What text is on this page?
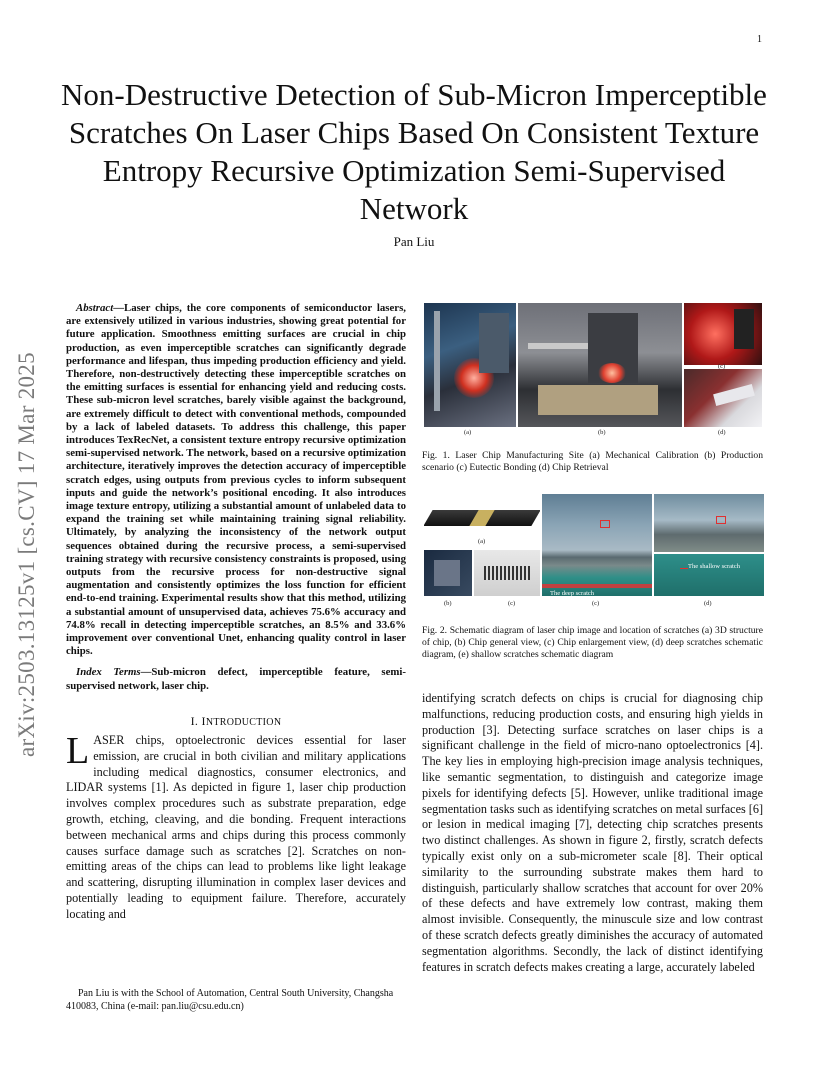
1
arXiv:2503.13125v1 [cs.CV] 17 Mar 2025
Non-Destructive Detection of Sub-Micron Imperceptible Scratches On Laser Chips Based On Consistent Texture Entropy Recursive Optimization Semi-Supervised Network
Pan Liu

Abstract—Laser chips, the core components of semiconductor lasers, are extensively utilized in various industries, showing great potential for future application. Smoothness emitting surfaces are crucial in chip production, as even imperceptible scratches can significantly degrade performance and lifespan, thus impeding production efficiency and yield. Therefore, non-destructively detecting these imperceptible scratches on the emitting surfaces is essential for enhancing yield and reducing costs. These sub-micron level scratches, barely visible against the background, are extremely difficult to detect with conventional methods, compounded by a lack of labeled datasets. To address this challenge, this paper introduces TexRecNet, a consistent texture entropy recursive optimization semi-supervised network. The network, based on a recursive optimization architecture, iteratively improves the detection accuracy of imperceptible scratch edges, using outputs from previous cycles to inform subsequent inputs and guide the network’s positional encoding. It also introduces image texture entropy, utilizing a substantial amount of unlabeled data to expand the training set while maintaining training signal reliability. Ultimately, by analyzing the inconsistency of the network output sequences obtained during the recursive process, a semi-supervised training strategy with recursive consistency constraints is proposed, using outputs from the recursive process for non-destructive signal augmentation and consistently optimizes the loss function for efficient end-to-end training. Experimental results show that this method, utilizing a substantial amount of unsupervised data, achieves 75.6% accuracy and 74.8% recall in detecting imperceptible scratches, an 8.5% and 33.6% improvement over conventional Unet, enhancing quality control in laser chips.

Index Terms—Sub-micron defect, imperceptible feature, semi-supervised network, laser chip.

I. INTRODUCTION

LASER chips, optoelectronic devices essential for laser emission, are crucial in both civilian and military applications including medical diagnostics, consumer electronics, and LIDAR systems [1]. As depicted in figure 1, laser chip production involves complex procedures such as substrate preparation, edge growth, etching, cleaving, and die bonding. Frequent interactions between mechanical arms and chips during this process commonly causes surface damage such as scratches [2]. Scratches on non-emitting areas of the chips can lead to problems like light leakage and scattering, disrupting illumination in complex laser devices and potentially leading to equipment failure. Therefore, accurately locating and

Pan Liu is with the School of Automation, Central South University, Changsha 410083, China (e-mail: pan.liu@csu.edu.cn)
(a)	(b)
(c)
(d)
Fig. 1. Laser Chip Manufacturing Site (a) Mechanical Calibration (b) Production scenario (c) Eutectic Bonding (d) Chip Retrieval
The shallow scratch
The deep scratch
(a)
(b)	(c)	(c)	(d)
Fig. 2. Schematic diagram of laser chip image and location of scratches (a) 3D structure of chip, (b) Chip general view, (c) Chip enlargement view, (d) deep scratches schematic diagram, (e) shallow scratches schematic diagram

identifying scratch defects on chips is crucial for diagnosing chip malfunctions, reducing production costs, and ensuring high yields in production [3]. Detecting surface scratches on laser chips is a significant challenge in the field of micro-nano optoelectronics [4]. The key lies in employing high-precision image analysis techniques, like semantic segmentation, to distinguish and categorize image pixels for identifying defects [5]. However, unlike traditional image segmentation tasks such as identifying scratches on metal surfaces [6] or lesion in medical imaging [7], detecting chip scratches presents two distinct challenges. As shown in figure 2, firstly, scratch defects typically exist only on a sub-micrometer scale [8]. Their optical similarity to the surrounding substrate makes them hard to distinguish, particularly shallow scratches that account for over 20% of these defects and have extremely low contrast, making them almost invisible. Consequently, the minuscule size and low contrast of these scratch defects greatly diminishes the accuracy of automated segmentation algorithms. Secondly, the lack of distinct identifying features in scratch defects makes creating a large, accurately labeled
